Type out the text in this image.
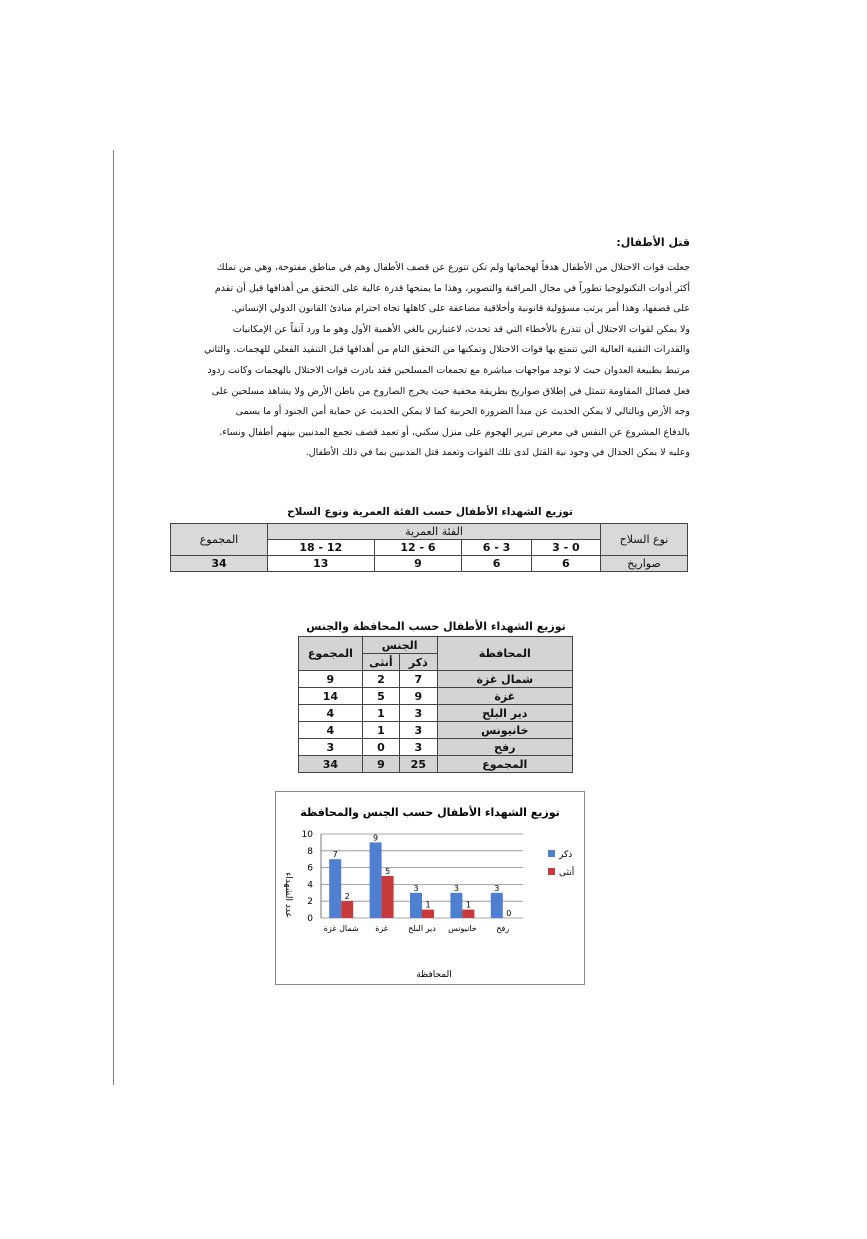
قتل الأطفال:

جعلت قوات الاحتلال من الأطفال هدفاً لهجماتها ولم تكن تتورع عن قصف الأطفال وهم في مناطق مفتوحة، وهي من تملك

أكثر أدوات التكنولوجيا تطوراً في مجال المراقبة والتصوير، وهذا ما يمنحها قدرة عالية على التحقق من أهدافها قبل أن تقدم

على قصفها، وهذا أمر يرتب مسؤولية قانونية وأخلاقية مضاعفة على كاهلها تجاه احترام مبادئ القانون الدولي الإنساني.

ولا يمكن لقوات الاحتلال أن تتذرع بالأخطاء التي قد تحدث، لاعتبارين بالغي الأهمية الأول وهو ما ورد آنفاً عن الإمكانيات

والقدرات التقنية العالية التي تتمتع بها قوات الاحتلال وتمكنها من التحقق التام من أهدافها قبل التنفيذ الفعلي للهجمات. والثاني

مرتبط بطبيعة العدوان حيث لا توجد مواجهات مباشرة مع تجمعات المسلحين فقد بادرت قوات الاحتلال بالهجمات وكانت ردود

فعل فصائل المقاومة تتمثل في إطلاق صواريخ بطريقة مخفية حيث يخرج الصاروخ من باطن الأرض ولا يشاهد مسلحين على

وجه الأرض وبالتالي لا يمكن الحديث عن مبدأ الضرورة الحربية كما لا يمكن الحديث عن حماية أمن الجنود أو ما يسمى

بالدفاع المشروع عن النفس في معرض تبرير الهجوم على منزل سكني، أو تعمد قصف تجمع المدنيين بينهم أطفال ونساء.

وعليه لا يمكن الجدال في وجود نية القتل لدى تلك القوات وتعمد قتل المدنيين بما في ذلك الأطفال.

توزيع الشهداء الأطفال حسب الفئة العمرية ونوع السلاح
نوع السلاح	الفئة العمرية				المجموع
	0 - 3	3 - 6	6 - 12	12 - 18	
صواريخ	6	6	9	13	34
توزيع الشهداء الأطفال حسب المحافظة والجنس
المحافظة	الجنس		المجموع
	ذكر	أنثى	
شمال غزة	7	2	9
غزة	9	5	14
دير البلح	3	1	4
خانيونس	3	1	4
رفح	3	0	3
المجموع	25	9	34
توزيع الشهداء الأطفال حسب الجنس والمحافظة
0
2
4
6
8
10
7
2
شمال غزة
9
5
غزة
3
1
دير البلح
3
1
خانيونس
3
0
رفح
عدد الشهداء
المحافظة
ذكر
أنثى
